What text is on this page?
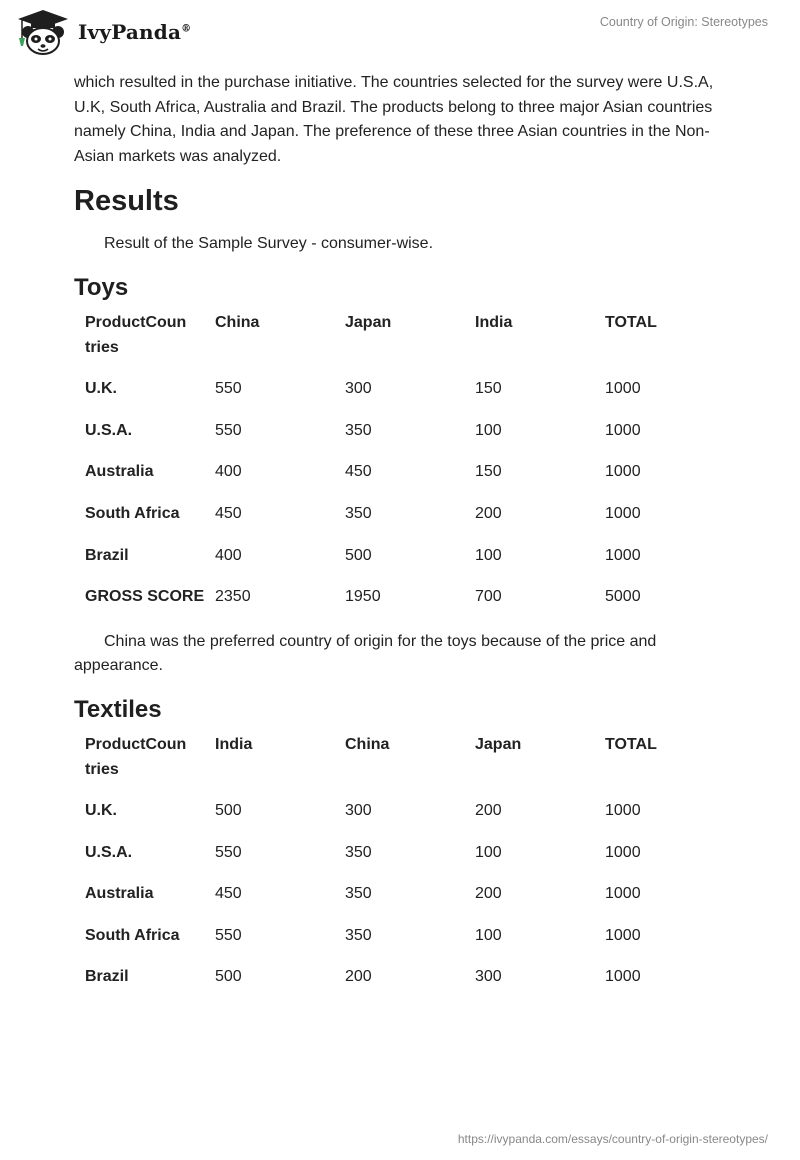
IvyPanda®	Country of Origin: Stereotypes

which resulted in the purchase initiative. The countries selected for the survey were U.S.A, U.K, South Africa, Australia and Brazil. The products belong to three major Asian countries namely China, India and Japan. The preference of these three Asian countries in the Non-Asian markets was analyzed.

Results

Result of the Sample Survey - consumer-wise.

Toys
ProductCoun tries	China	Japan	India	TOTAL
U.K.	550	300	150	1000
U.S.A.	550	350	100	1000
Australia	400	450	150	1000
South Africa	450	350	200	1000
Brazil	400	500	100	1000
GROSS SCORE	2350	1950	700	5000

China was the preferred country of origin for the toys because of the price and appearance.

Textiles
ProductCoun tries	India	China	Japan	TOTAL
U.K.	500	300	200	1000
U.S.A.	550	350	100	1000
Australia	450	350	200	1000
South Africa	550	350	100	1000
Brazil	500	200	300	1000
https://ivypanda.com/essays/country-of-origin-stereotypes/
